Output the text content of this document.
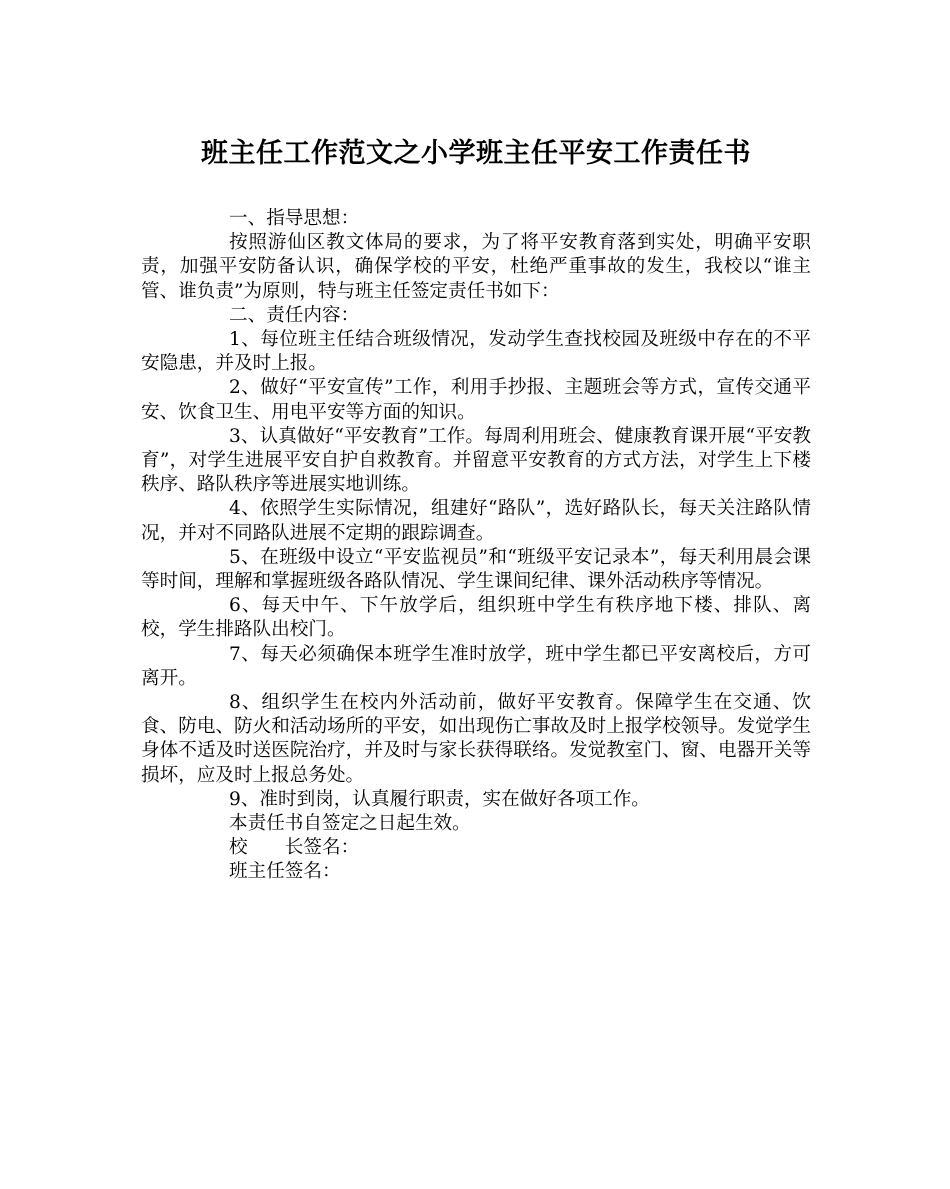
班主任工作范文之小学班主任平安工作责任书

一、指导思想：

按照游仙区教文体局的要求，为了将平安教育落到实处，明确平安职责，加强平安防备认识，确保学校的平安，杜绝严重事故的发生，我校以“谁主管、谁负责”为原则，特与班主任签定责任书如下：

二、责任内容：

1、每位班主任结合班级情况，发动学生查找校园及班级中存在的不平安隐患，并及时上报。

2、做好“平安宣传”工作，利用手抄报、主题班会等方式，宣传交通平安、饮食卫生、用电平安等方面的知识。

3、认真做好“平安教育”工作。每周利用班会、健康教育课开展“平安教育”，对学生进展平安自护自救教育。并留意平安教育的方式方法，对学生上下楼秩序、路队秩序等进展实地训练。

4、依照学生实际情况，组建好“路队”，选好路队长，每天关注路队情况，并对不同路队进展不定期的跟踪调查。

5、在班级中设立“平安监视员”和“班级平安记录本”，每天利用晨会课等时间，理解和掌握班级各路队情况、学生课间纪律、课外活动秩序等情况。

6、每天中午、下午放学后，组织班中学生有秩序地下楼、排队、离校，学生排路队出校门。

7、每天必须确保本班学生准时放学，班中学生都已平安离校后，方可离开。

8、组织学生在校内外活动前，做好平安教育。保障学生在交通、饮食、防电、防火和活动场所的平安，如出现伤亡事故及时上报学校领导。发觉学生身体不适及时送医院治疗，并及时与家长获得联络。发觉教室门、窗、电器开关等损坏，应及时上报总务处。

9、准时到岗，认真履行职责，实在做好各项工作。

本责任书自签定之日起生效。

校　　长签名：

班主任签名：
